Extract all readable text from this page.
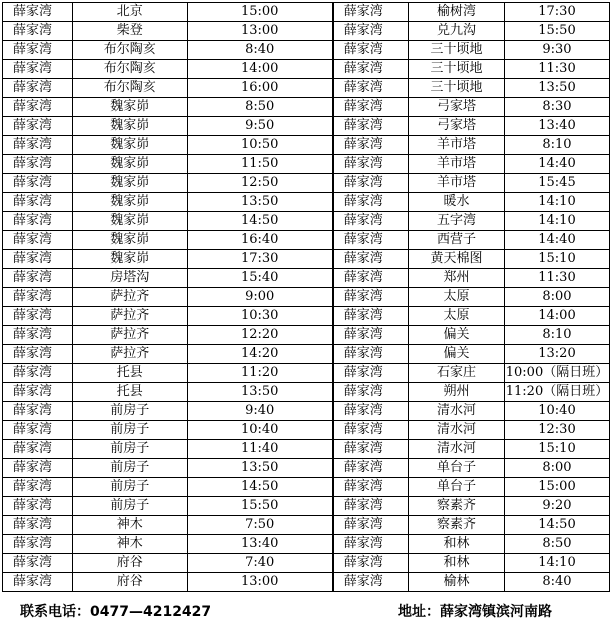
薛家湾	北京	15:00	薛家湾	榆树湾	17:30
薛家湾	柴登	13:00	薛家湾	兑九沟	15:50
薛家湾	布尔陶亥	8:40	薛家湾	三十顷地	9:30
薛家湾	布尔陶亥	14:00	薛家湾	三十顷地	11:30
薛家湾	布尔陶亥	16:00	薛家湾	三十顷地	13:50
薛家湾	魏家峁	8:50	薛家湾	弓家塔	8:30
薛家湾	魏家峁	9:50	薛家湾	弓家塔	13:40
薛家湾	魏家峁	10:50	薛家湾	羊市塔	8:10
薛家湾	魏家峁	11:50	薛家湾	羊市塔	14:40
薛家湾	魏家峁	12:50	薛家湾	羊市塔	15:45
薛家湾	魏家峁	13:50	薛家湾	暖水	14:10
薛家湾	魏家峁	14:50	薛家湾	五字湾	14:10
薛家湾	魏家峁	16:40	薛家湾	西营子	14:40
薛家湾	魏家峁	17:30	薛家湾	黄天棉图	15:10
薛家湾	房塔沟	15:40	薛家湾	郑州	11:30
薛家湾	萨拉齐	9:00	薛家湾	太原	8:00
薛家湾	萨拉齐	10:30	薛家湾	太原	14:00
薛家湾	萨拉齐	12:20	薛家湾	偏关	8:10
薛家湾	萨拉齐	14:20	薛家湾	偏关	13:20
薛家湾	托县	11:20	薛家湾	石家庄	10:00（隔日班）
薛家湾	托县	13:50	薛家湾	朔州	11:20（隔日班）
薛家湾	前房子	9:40	薛家湾	清水河	10:40
薛家湾	前房子	10:40	薛家湾	清水河	12:30
薛家湾	前房子	11:40	薛家湾	清水河	15:10
薛家湾	前房子	13:50	薛家湾	单台子	8:00
薛家湾	前房子	14:50	薛家湾	单台子	15:00
薛家湾	前房子	15:50	薛家湾	察素齐	9:20
薛家湾	神木	7:50	薛家湾	察素齐	14:50
薛家湾	神木	13:40	薛家湾	和林	8:50
薛家湾	府谷	7:40	薛家湾	和林	14:10
薛家湾	府谷	13:00	薛家湾	榆林	8:40
联系电话：0477—4212427	地址：薛家湾镇滨河南路
